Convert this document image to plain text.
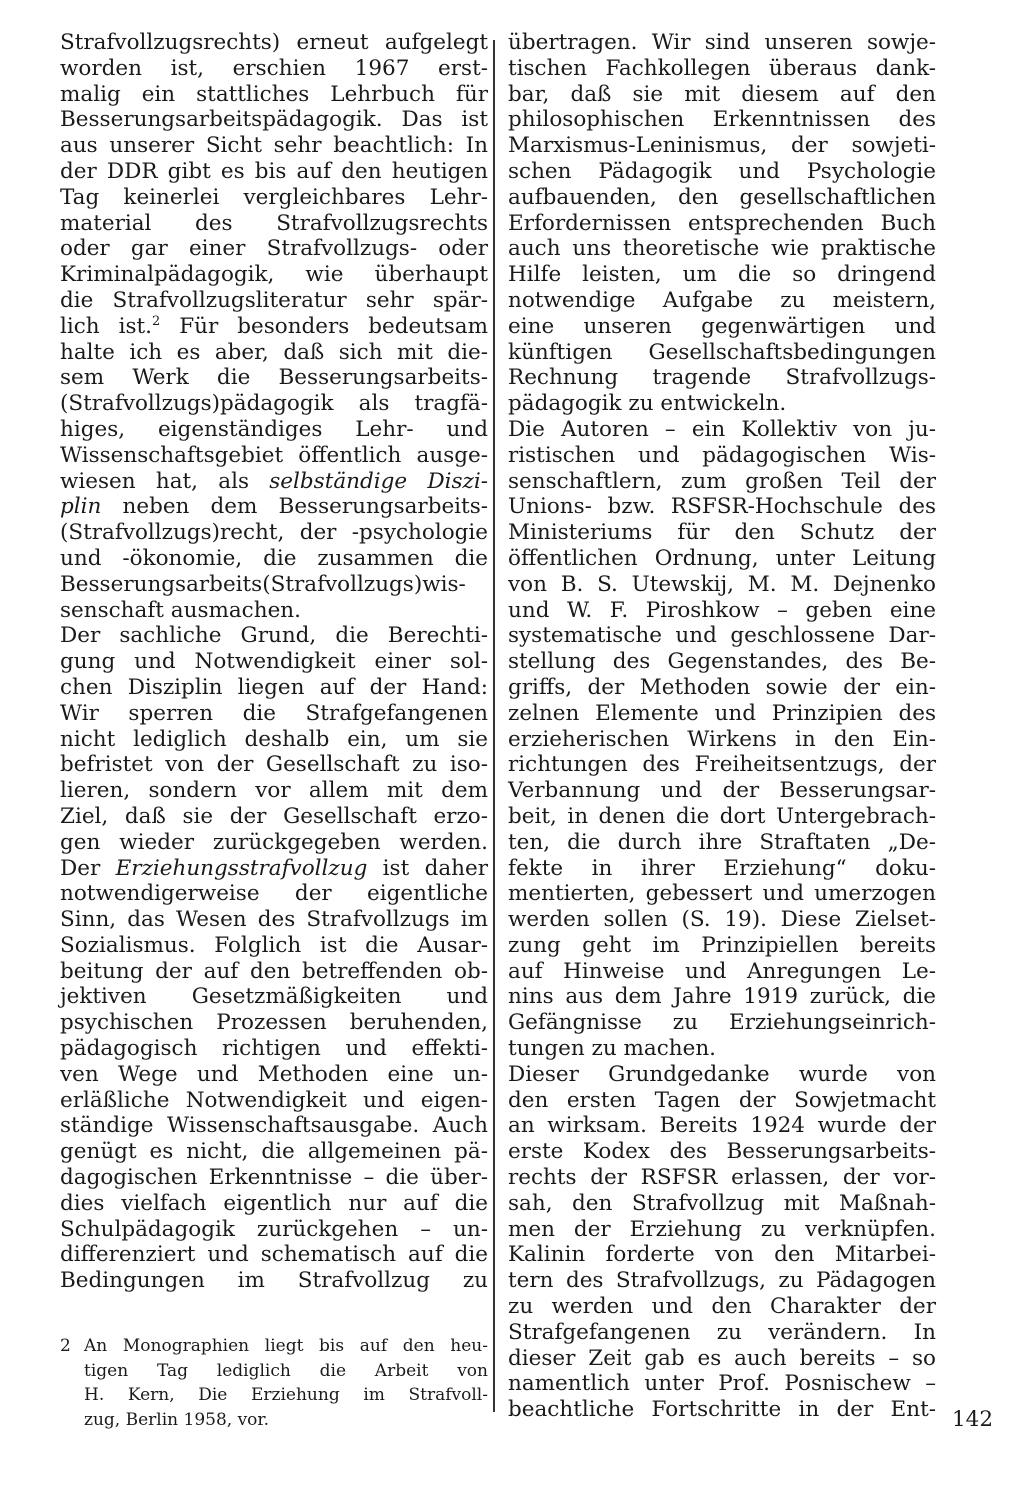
Strafvollzugsrechts) erneut aufgelegt
worden ist, erschien 1967 erst-
malig ein stattliches Lehrbuch für
Besserungsarbeitspädagogik. Das ist
aus unserer Sicht sehr beachtlich: In
der DDR gibt es bis auf den heutigen
Tag keinerlei vergleichbares Lehr-
material des Strafvollzugsrechts
oder gar einer Strafvollzugs- oder
Kriminalpädagogik, wie überhaupt
die Strafvollzugsliteratur sehr spär-
lich ist.$^2$ Für besonders bedeutsam
halte ich es aber, daß sich mit die-
sem Werk die Besserungsarbeits-
(Strafvollzugs)pädagogik als tragfä-
higes, eigenständiges Lehr- und
Wissenschaftsgebiet öffentlich ausge-
wiesen hat, als selbständige Diszi-
plin neben dem Besserungsarbeits-
(Strafvollzugs)recht, der -psychologie
und -ökonomie, die zusammen die
Besserungsarbeits(Strafvollzugs)wis-
senschaft ausmachen.
Der sachliche Grund, die Berechti-
gung und Notwendigkeit einer sol-
chen Disziplin liegen auf der Hand:
Wir sperren die Strafgefangenen
nicht lediglich deshalb ein, um sie
befristet von der Gesellschaft zu iso-
lieren, sondern vor allem mit dem
Ziel, daß sie der Gesellschaft erzo-
gen wieder zurückgegeben werden.
Der Erziehungsstrafvollzug ist daher
notwendigerweise der eigentliche
Sinn, das Wesen des Strafvollzugs im
Sozialismus. Folglich ist die Ausar-
beitung der auf den betreffenden ob-
jektiven Gesetzmäßigkeiten und
psychischen Prozessen beruhenden,
pädagogisch richtigen und effekti-
ven Wege und Methoden eine un-
erläßliche Notwendigkeit und eigen-
ständige Wissenschaftsausgabe. Auch
genügt es nicht, die allgemeinen pä-
dagogischen Erkenntnisse – die über-
dies vielfach eigentlich nur auf die
Schulpädagogik zurückgehen – un-
differenziert und schematisch auf die
Bedingungen im Strafvollzug zu
übertragen. Wir sind unseren sowje-
tischen Fachkollegen überaus dank-
bar, daß sie mit diesem auf den
philosophischen Erkenntnissen des
Marxismus-Leninismus, der sowjeti-
schen Pädagogik und Psychologie
aufbauenden, den gesellschaftlichen
Erfordernissen entsprechenden Buch
auch uns theoretische wie praktische
Hilfe leisten, um die so dringend
notwendige Aufgabe zu meistern,
eine unseren gegenwärtigen und
künftigen Gesellschaftsbedingungen
Rechnung tragende Strafvollzugs-
pädagogik zu entwickeln.
Die Autoren – ein Kollektiv von ju-
ristischen und pädagogischen Wis-
senschaftlern, zum großen Teil der
Unions- bzw. RSFSR-Hochschule des
Ministeriums für den Schutz der
öffentlichen Ordnung, unter Leitung
von B. S. Utewskij, M. M. Dejnenko
und W. F. Piroshkow – geben eine
systematische und geschlossene Dar-
stellung des Gegenstandes, des Be-
griffs, der Methoden sowie der ein-
zelnen Elemente und Prinzipien des
erzieherischen Wirkens in den Ein-
richtungen des Freiheitsentzugs, der
Verbannung und der Besserungsar-
beit, in denen die dort Untergebrach-
ten, die durch ihre Straftaten „De-
fekte in ihrer Erziehung“ doku-
mentierten, gebessert und umerzogen
werden sollen (S. 19). Diese Zielset-
zung geht im Prinzipiellen bereits
auf Hinweise und Anregungen Le-
nins aus dem Jahre 1919 zurück, die
Gefängnisse zu Erziehungseinrich-
tungen zu machen.
Dieser Grundgedanke wurde von
den ersten Tagen der Sowjetmacht
an wirksam. Bereits 1924 wurde der
erste Kodex des Besserungsarbeits-
rechts der RSFSR erlassen, der vor-
sah, den Strafvollzug mit Maßnah-
men der Erziehung zu verknüpfen.
Kalinin forderte von den Mitarbei-
tern des Strafvollzugs, zu Pädagogen
zu werden und den Charakter der
Strafgefangenen zu verändern. In
dieser Zeit gab es auch bereits – so
namentlich unter Prof. Posnischew –
beachtliche Fortschritte in der Ent-
2 An Monographien liegt bis auf den heu-
tigen Tag lediglich die Arbeit von
H. Kern, Die Erziehung im Strafvoll-
zug, Berlin 1958, vor.	142
